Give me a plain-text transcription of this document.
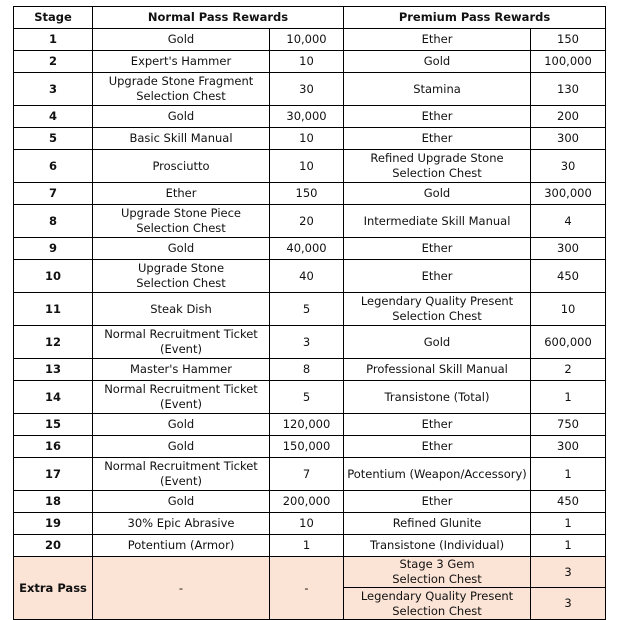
Stage	Normal Pass Rewards		Premium Pass Rewards	
1	Gold	10,000	Ether	150
2	Expert's Hammer	10	Gold	100,000
3	Upgrade Stone Fragment
Selection Chest	30	Stamina	130
4	Gold	30,000	Ether	200
5	Basic Skill Manual	10	Ether	300
6	Prosciutto	10	Refined Upgrade Stone
Selection Chest	30
7	Ether	150	Gold	300,000
8	Upgrade Stone Piece
Selection Chest	20	Intermediate Skill Manual	4
9	Gold	40,000	Ether	300
10	Upgrade Stone
Selection Chest	40	Ether	450
11	Steak Dish	5	Legendary Quality Present
Selection Chest	10
12	Normal Recruitment Ticket
(Event)	3	Gold	600,000
13	Master's Hammer	8	Professional Skill Manual	2
14	Normal Recruitment Ticket
(Event)	5	Transistone (Total)	1
15	Gold	120,000	Ether	750
16	Gold	150,000	Ether	300
17	Normal Recruitment Ticket
(Event)	7	Potentium (Weapon/Accessory)	1
18	Gold	200,000	Ether	450
19	30% Epic Abrasive	10	Refined Glunite	1
20	Potentium (Armor)	1	Transistone (Individual)	1
Extra Pass	-	-	Stage 3 Gem
Selection Chest	3
			Legendary Quality Present
Selection Chest	3
